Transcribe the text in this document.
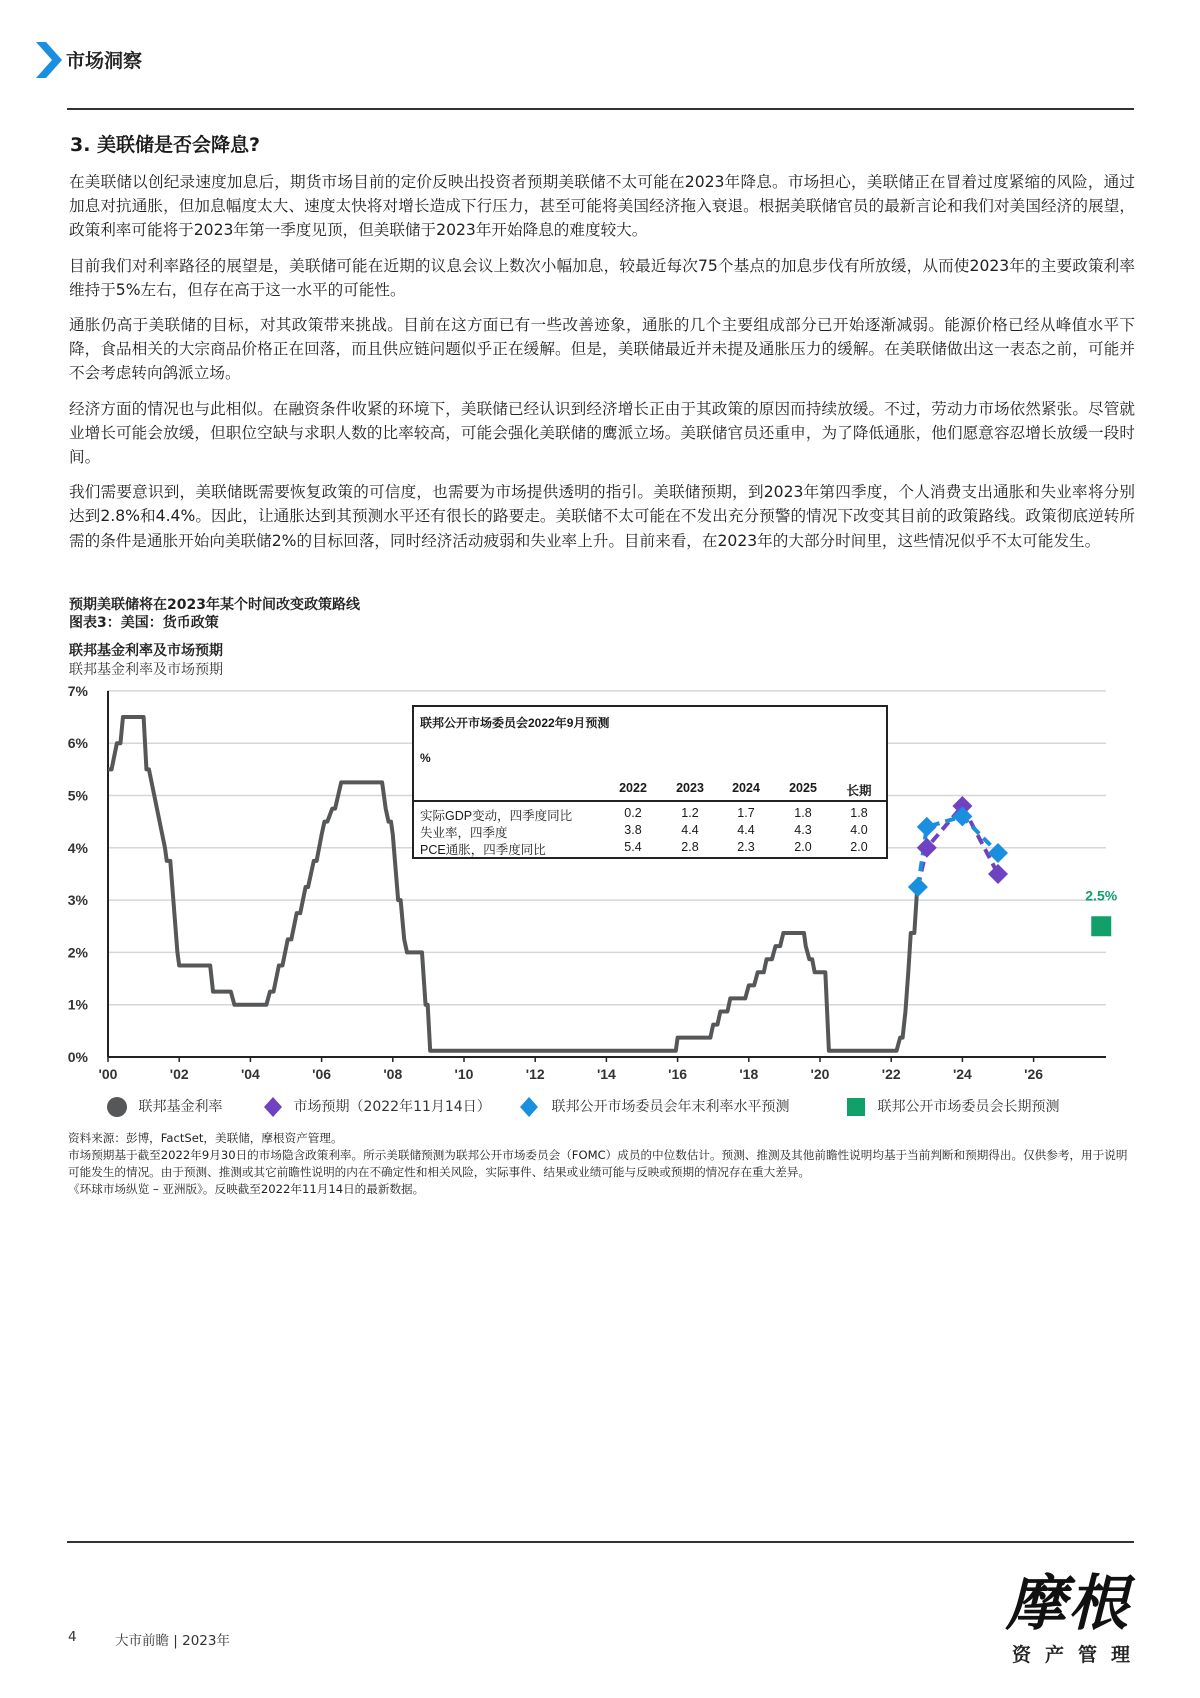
市场洞察
3. 美联储是否会降息?

在美联储以创纪录速度加息后，期货市场目前的定价反映出投资者预期美联储不太可能在2023年降息。市场担心，美联储正在冒着过度紧缩的风险，通过加息对抗通胀，但加息幅度太大、速度太快将对增长造成下行压力，甚至可能将美国经济拖入衰退。根据美联储官员的最新言论和我们对美国经济的展望，政策利率可能将于2023年第一季度见顶，但美联储于2023年开始降息的难度较大。

目前我们对利率路径的展望是，美联储可能在近期的议息会议上数次小幅加息，较最近每次75个基点的加息步伐有所放缓，从而使2023年的主要政策利率维持于5%左右，但存在高于这一水平的可能性。

通胀仍高于美联储的目标，对其政策带来挑战。目前在这方面已有一些改善迹象，通胀的几个主要组成部分已开始逐渐减弱。能源价格已经从峰值水平下降，食品相关的大宗商品价格正在回落，而且供应链问题似乎正在缓解。但是，美联储最近并未提及通胀压力的缓解。在美联储做出这一表态之前，可能并不会考虑转向鸽派立场。

经济方面的情况也与此相似。在融资条件收紧的环境下，美联储已经认识到经济增长正由于其政策的原因而持续放缓。不过，劳动力市场依然紧张。尽管就业增长可能会放缓，但职位空缺与求职人数的比率较高，可能会强化美联储的鹰派立场。美联储官员还重申，为了降低通胀，他们愿意容忍增长放缓一段时间。

我们需要意识到，美联储既需要恢复政策的可信度，也需要为市场提供透明的指引。美联储预期，到2023年第四季度，个人消费支出通胀和失业率将分别达到2.8%和4.4%。因此，让通胀达到其预测水平还有很长的路要走。美联储不太可能在不发出充分预警的情况下改变其目前的政策路线。政策彻底逆转所需的条件是通胀开始向美联储2%的目标回落，同时经济活动疲弱和失业率上升。目前来看，在2023年的大部分时间里，这些情况似乎不太可能发生。

预期美联储将在2023年某个时间改变政策路线
图表3：美国：货币政策
联邦基金利率及市场预期
联邦基金利率及市场预期
0%
1%
2%
3%
4%
5%
6%
7%
'00	'02	'04	'06	'08	'10	'12	'14	'16	'18	'20	'22	'24	'26
2.5%
联邦公开市场委员会2022年9月预测
%
2022	2023	2024	2025	长期
实际GDP变动，四季度同比	0.2	1.2	1.7	1.8	1.8
失业率，四季度	3.8	4.4	4.4	4.3	4.0
PCE通胀，四季度同比	5.4	2.8	2.3	2.0	2.0
联邦基金利率	市场预期（2022年11月14日）	联邦公开市场委员会年末利率水平预测	联邦公开市场委员会长期预测

资料来源：彭博，FactSet，美联储，摩根资产管理。

市场预期基于截至2022年9月30日的市场隐含政策利率。所示美联储预测为联邦公开市场委员会（FOMC）成员的中位数估计。预测、推测及其他前瞻性说明均基于当前判断和预期得出。仅供参考，用于说明可能发生的情况。由于预测、推测或其它前瞻性说明的内在不确定性和相关风险，实际事件、结果或业绩可能与反映或预期的情况存在重大差异。

《环球市场纵览 – 亚洲版》。反映截至2022年11月14日的最新数据。

4	大市前瞻 | 2023年
摩根
资产管理
